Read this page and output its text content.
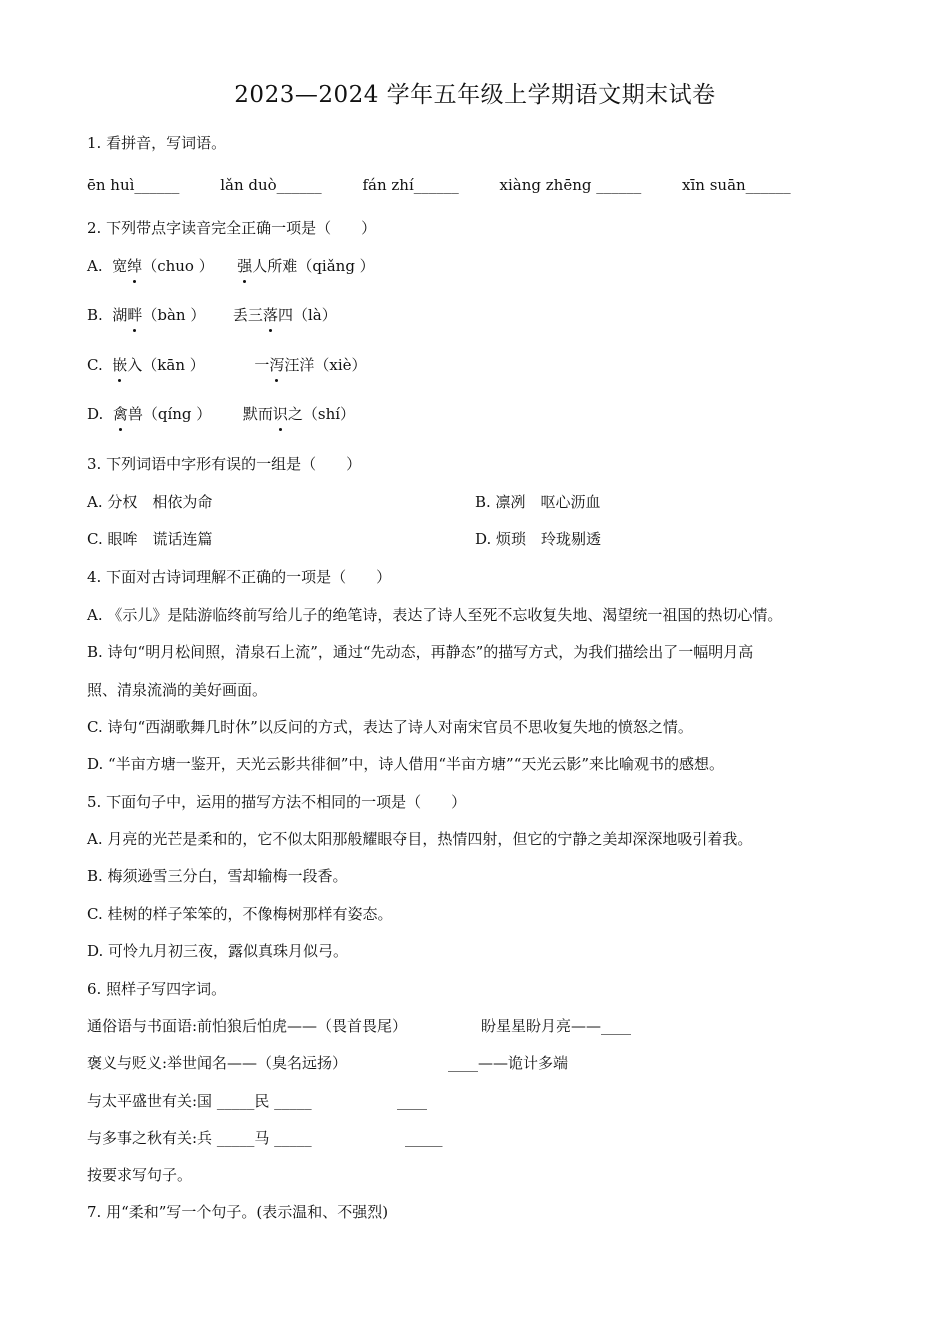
2023—2024 学年五年级上学期语文期末试卷
1. 看拼音，写词语。
ēn huì______	lǎn duò______	fán zhí______	xiàng zhēng ______	xīn suān______
2. 下列带点字读音完全正确一项是（　　）
A. 宽绰（chuo ） 强人所难（qiǎng ）
B. 湖畔（bàn ） 丢三落四（là）
C. 嵌入（kān ）	一泻汪洋（xiè）
D. 禽兽（qíng ） 默而识之（shí）
3. 下列词语中字形有误的一组是（　　）
A. 分权　相依为命	B. 凛冽　呕心沥血
C. 眼哞　谎话连篇	D. 烦琐　玲珑剔透
4. 下面对古诗词理解不正确的一项是（　　）
A. 《示儿》是陆游临终前写给儿子的绝笔诗，表达了诗人至死不忘收复失地、渴望统一祖国的热切心情。
B. 诗句“明月松间照，清泉石上流”，通过“先动态，再静态”的描写方式，为我们描绘出了一幅明月高
照、清泉流淌的美好画面。
C. 诗句“西湖歌舞几时休”以反问的方式，表达了诗人对南宋官员不思收复失地的愤怒之情。
D. “半亩方塘一鉴开，天光云影共徘徊”中，诗人借用“半亩方塘”“天光云影”来比喻观书的感想。
5. 下面句子中，运用的描写方法不相同的一项是（　　）
A. 月亮的光芒是柔和的，它不似太阳那般耀眼夺目，热情四射，但它的宁静之美却深深地吸引着我。
B. 梅须逊雪三分白，雪却输梅一段香。
C. 桂树的样子笨笨的，不像梅树那样有姿态。
D. 可怜九月初三夜，露似真珠月似弓。
6. 照样子写四字词。
通俗语与书面语:前怕狼后怕虎——（畏首畏尾）	盼星星盼月亮——____
褒义与贬义:举世闻名——（臭名远扬）	____——诡计多端
与太平盛世有关:国 _____民 _____	____
与多事之秋有关:兵 _____马 _____	_____
按要求写句子。
7. 用“柔和”写一个句子。(表示温和、不强烈)
